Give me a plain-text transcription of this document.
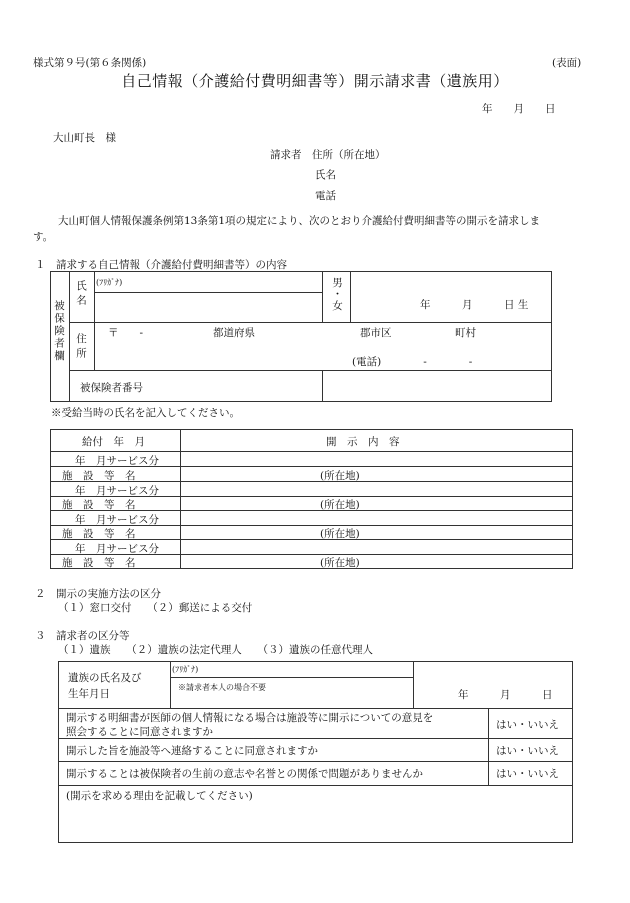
様式第９号(第６条関係)	(表面)
自己情報（介護給付費明細書等）開示請求書（遺族用）
年　　月　　日
大山町長　様
請求者　住所（所在地）
氏名
電話
大山町個人情報保護条例第13条第1項の規定により、次のとおり介護給付費明細書等の開示を請求しま
す。
１　請求する自己情報（介護給付費明細書等）の内容
被保険者欄
(ﾌﾘｶﾞﾅ)
氏名	男・女	年　　　月　　　日 生
住所 〒　　-	都道府県	郡市区	町村
(電話)　　　　-　　　　-
被保険者番号
※受給当時の氏名を記入してください。
給付　年　月	開　示　内　容
年　月サービス分
施　設　等　名	(所在地)
年　月サービス分
施　設　等　名	(所在地)
年　月サービス分
施　設　等　名	(所在地)
年　月サービス分
施　設　等　名	(所在地)
２　開示の実施方法の区分
（１）窓口交付　　（２）郵送による交付
３　請求者の区分等
（１）遺族　　（２）遺族の法定代理人　　（３）遺族の任意代理人
遺族の氏名及び
生年月日
(ﾌﾘｶﾞﾅ)
※請求者本人の場合不要
年　　　月　　　日
開示する明細書が医師の個人情報になる場合は施設等に開示についての意見を
照会することに同意されますか
はい・いいえ
開示した旨を施設等へ連絡することに同意されますか	はい・いいえ
開示することは被保険者の生前の意志や名誉との関係で問題がありませんか	はい・いいえ
(開示を求める理由を記載してください)
